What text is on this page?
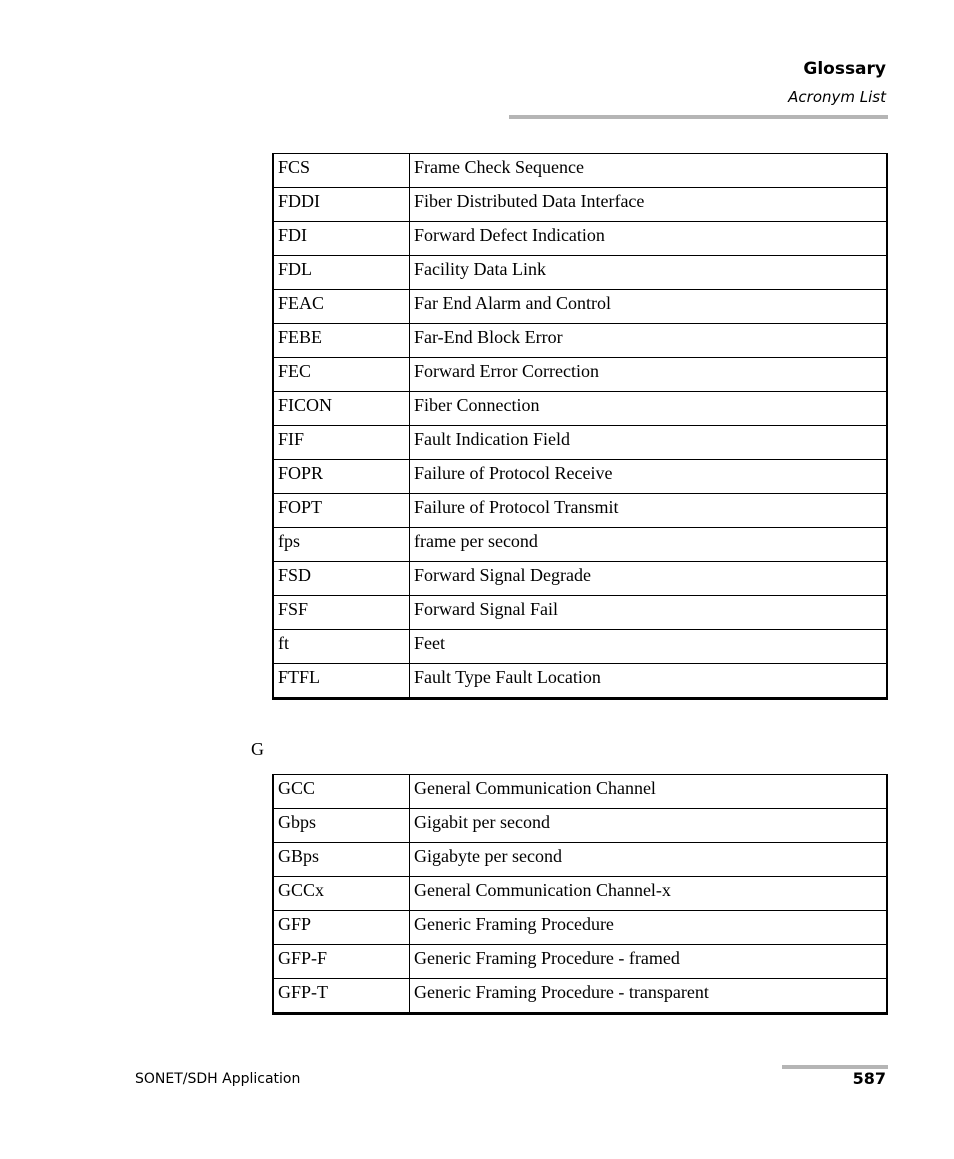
Glossary
Acronym List
FCS	Frame Check Sequence
FDDI	Fiber Distributed Data Interface
FDI	Forward Defect Indication
FDL	Facility Data Link
FEAC	Far End Alarm and Control
FEBE	Far-End Block Error
FEC	Forward Error Correction
FICON	Fiber Connection
FIF	Fault Indication Field
FOPR	Failure of Protocol Receive
FOPT	Failure of Protocol Transmit
fps	frame per second
FSD	Forward Signal Degrade
FSF	Forward Signal Fail
ft	Feet
FTFL	Fault Type Fault Location
G
GCC	General Communication Channel
Gbps	Gigabit per second
GBps	Gigabyte per second
GCCx	General Communication Channel-x
GFP	Generic Framing Procedure
GFP-F	Generic Framing Procedure - framed
GFP-T	Generic Framing Procedure - transparent
SONET/SDH Application	587
